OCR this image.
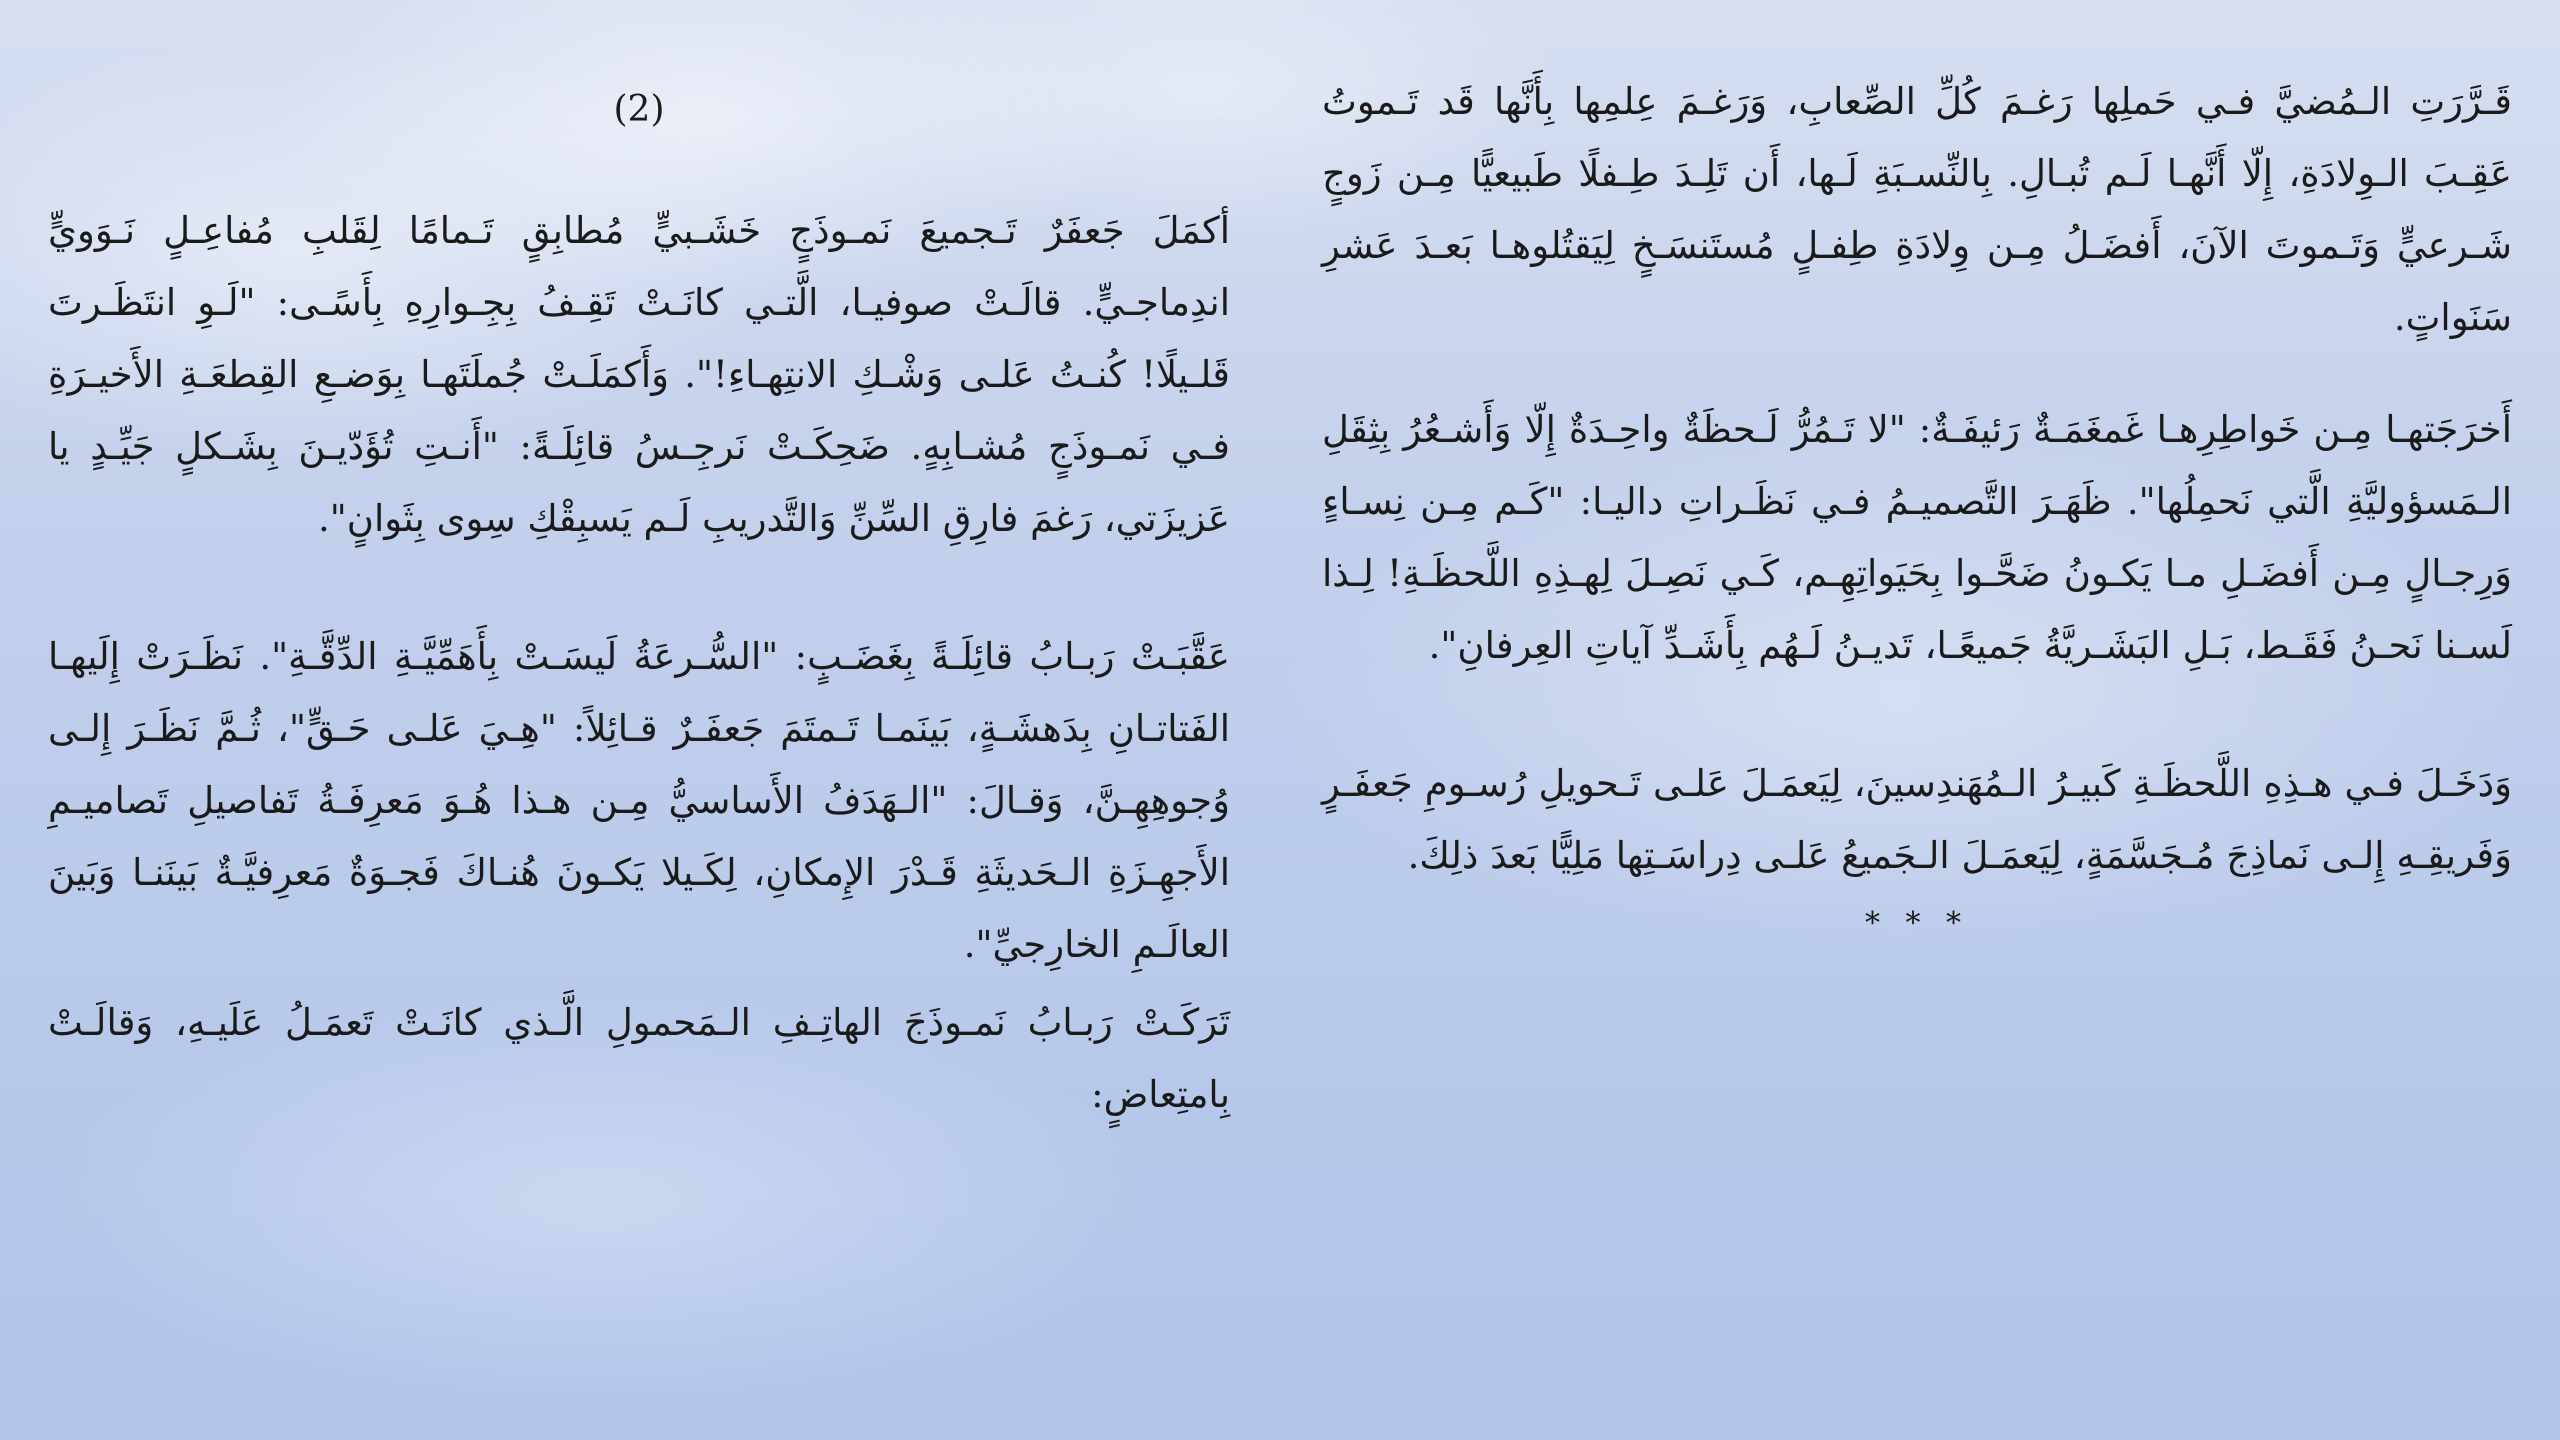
(2)

أكمَلَ جَعفَرٌ تَـجميعَ نَمـوذَجٍ خَشَـبيٍّ مُطابِقٍ تَـمامًا لِقَلبِ مُفاعِـلٍ نَـوَويٍّ اندِماجـيٍّ. قالَـتْ صوفيـا، الَّتـي كانَـتْ تَقِـفُ بِجِـوارِهِ بِأَسًـى: "لَـوِ انتَظَـرتَ قَلـيلًا! كُنـتُ عَلـى وَشْـكِ الانتِهـاءِ!". وَأَكمَلَـتْ جُملَتَهـا بِوَضـعِ القِطعَـةِ الأَخيـرَةِ فـي نَمـوذَجٍ مُشـابِهٍ. ضَحِكَـتْ نَرجِـسُ قائِلَـةً: "أَنـتِ تُؤَدّيـنَ بِشَـكلٍ جَيِّـدٍ يا عَزيزَتي، رَغمَ فارِقِ السِّنِّ وَالتَّدريبِ لَـم يَسبِقْكِ سِوى بِثَوانٍ".

عَقَّبَـتْ رَبـابُ قائِلَـةً بِغَضَـبٍ: "السُّـرعَةُ لَيسَـتْ بِأَهَمِّيَّـةِ الدِّقَّـةِ". نَظَـرَتْ إِلَيهـا الفَتاتـانِ بِدَهشَـةٍ، بَينَمـا تَـمتَمَ جَعفَـرٌ قـائِلاً: "هِـيَ عَلـى حَـقٍّ"، ثُـمَّ نَظَـرَ إِلـى وُجوهِهِـنَّ، وَقـالَ: "الـهَدَفُ الأَساسيُّ مِـن هـذا هُـوَ مَعرِفَـةُ تَفاصيلِ تَصاميـمِ الأَجهِـزَةِ الـحَديثَةِ قَـدْرَ الإِمكانِ، لِكَـيلا يَكـونَ هُنـاكَ فَجـوَةٌ مَعرِفيَّـةٌ بَينَنـا وَبَينَ العالَـمِ الخارِجيِّ".

تَرَكَـتْ رَبـابُ نَمـوذَجَ الهاتِـفِ الـمَحمولِ الَّـذي كانَـتْ تَعمَـلُ عَلَيـهِ، وَقالَـتْ بِامتِعاضٍ:

قَـرَّرَتِ الـمُضيَّ فـي حَملِها رَغـمَ كُلِّ الصِّعابِ، وَرَغـمَ عِلمِها بِأَنَّها قَد تَـموتُ عَقِـبَ الـوِلادَةِ، إِلّا أَنَّهـا لَـم تُبـالِ. بِالنِّسـبَةِ لَـها، أَن تَلِـدَ طِـفلًا طَبيعيًّا مِـن زَوجٍ شَـرعيٍّ وَتَـموتَ الآنَ، أَفضَـلُ مِـن وِلادَةِ طِفـلٍ مُستَنسَـخٍ لِيَقتُلوهـا بَعـدَ عَشرِ سَنَواتٍ.

أَخرَجَتهـا مِـن خَواطِرِهـا غَمغَمَـةٌ رَئيفَـةٌ: "لا تَـمُرُّ لَـحظَةٌ واحِـدَةٌ إِلّا وَأَشـعُرُ بِثِقَلِ الـمَسؤوليَّةِ الَّتي نَحمِلُها". ظَهَـرَ التَّصميـمُ فـي نَظَـراتِ داليـا: "كَـم مِـن نِسـاءٍ وَرِجـالٍ مِـن أَفضَـلِ مـا يَكـونُ ضَحَّـوا بِحَيَواتِهِـم، كَـي نَصِـلَ لِهـذِهِ اللَّحظَـةِ! لِـذا لَسـنا نَحـنُ فَقَـط، بَـلِ البَشَـريَّةُ جَميعًـا، تَديـنُ لَـهُم بِأَشَـدِّ آياتِ العِرفانِ".

وَدَخَـلَ فـي هـذِهِ اللَّحظَـةِ كَبيـرُ الـمُهَندِسينَ، لِيَعمَـلَ عَلـى تَـحويلِ رُسـومِ جَعفَـرٍ وَفَريقِـهِ إِلـى نَماذِجَ مُـجَسَّمَةٍ، لِيَعمَـلَ الـجَميعُ عَلـى دِراسَـتِها مَلِيًّا بَعدَ ذلِكَ.

* * *
